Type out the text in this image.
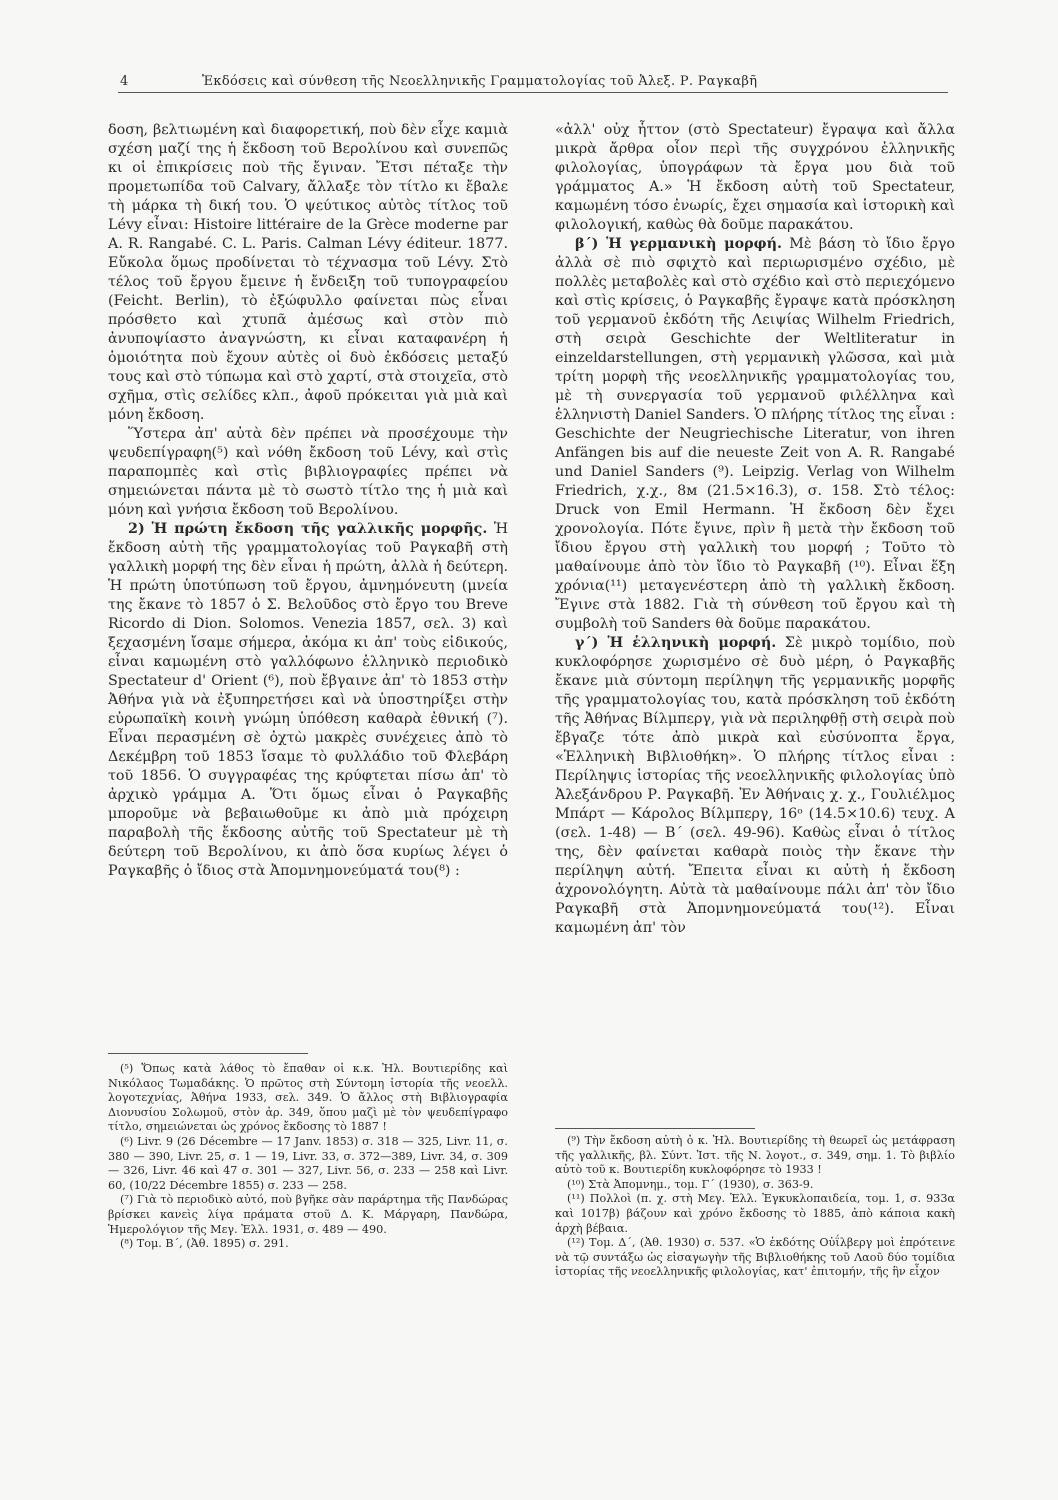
4	Ἐκδόσεις καὶ σύνθεση τῆς Νεοελληνικῆς Γραμματολογίας τοῦ Ἀλεξ. Ρ. Ραγκαβῆ

δοση, βελτιωμένη καὶ διαφορετική, ποὺ δὲν εἶχε καμιὰ σχέση μαζί της ἡ ἔκδοση τοῦ Βερολίνου καὶ συνεπῶς κι οἱ ἐπικρίσεις ποὺ τῆς ἔγιναν. Ἔτσι πέταξε τὴν προμετωπίδα τοῦ Calvary, ἄλλαξε τὸν τίτλο κι ἔβαλε τὴ μάρκα τὴ δική του. Ὁ ψεύτικος αὐτὸς τίτλος τοῦ Lévy εἶναι: Histoire littéraire de la Grèce moderne par A. R. Rangabé. C. L. Paris. Calman Lévy éditeur. 1877. Εὔκολα ὅμως προδίνεται τὸ τέχνασμα τοῦ Lévy. Στὸ τέλος τοῦ ἔργου ἔμεινε ἡ ἔνδειξη τοῦ τυπογραφείου (Feicht. Berlin), τὸ ἐξώφυλλο φαίνεται πὼς εἶναι πρόσθετο καὶ χτυπᾶ ἀμέσως καὶ στὸν πιὸ ἀνυποψίαστο ἀναγνώστη, κι εἶναι καταφανέρη ἡ ὁμοιότητα ποὺ ἔχουν αὐτὲς οἱ δυὸ ἐκδόσεις μεταξύ τους καὶ στὸ τύπωμα καὶ στὸ χαρτί, στὰ στοιχεῖα, στὸ σχῆμα, στὶς σελίδες κλπ., ἀφοῦ πρόκειται γιὰ μιὰ καὶ μόνη ἔκδοση.

Ὕστερα ἀπ' αὐτὰ δὲν πρέπει νὰ προσέχουμε τὴν ψευδεπίγραφη(⁵) καὶ νόθη ἔκδοση τοῦ Lévy, καὶ στὶς παραπομπὲς καὶ στὶς βιβλιογραφίες πρέπει νὰ σημειώνεται πάντα μὲ τὸ σωστὸ τίτλο της ἡ μιὰ καὶ μόνη καὶ γνήσια ἔκδοση τοῦ Βερολίνου.

2) Ἡ πρώτη ἔκδοση τῆς γαλλικῆς μορφῆς. Ἡ ἔκδοση αὐτὴ τῆς γραμματολογίας τοῦ Ραγκαβῆ στὴ γαλλικὴ μορφή της δὲν εἶναι ἡ πρώτη, ἀλλὰ ἡ δεύτερη. Ἡ πρώτη ὑποτύπωση τοῦ ἔργου, ἀμνημόνευτη (μνεία της ἔκανε τὸ 1857 ὁ Σ. Βελοῦδος στὸ ἔργο του Breve Ricordo di Dion. Solomos. Venezia 1857, σελ. 3) καὶ ξεχασμένη ἴσαμε σήμερα, ἀκόμα κι ἀπ' τοὺς εἰδικούς, εἶναι καμωμένη στὸ γαλλόφωνο ἑλληνικὸ περιοδικὸ Spectateur d' Orient (⁶), ποὺ ἔβγαινε ἀπ' τὸ 1853 στὴν Ἀθήνα γιὰ νὰ ἐξυπηρετήσει καὶ νὰ ὑποστηρίξει στὴν εὐρωπαϊκὴ κοινὴ γνώμη ὑπόθεση καθαρὰ ἐθνική (⁷). Εἶναι περασμένη σὲ ὀχτὼ μακρὲς συνέχειες ἀπὸ τὸ Δεκέμβρη τοῦ 1853 ἴσαμε τὸ φυλλάδιο τοῦ Φλεβάρη τοῦ 1856. Ὁ συγγραφέας της κρύφτεται πίσω ἀπ' τὸ ἀρχικὸ γράμμα Α. Ὅτι ὅμως εἶναι ὁ Ραγκαβῆς μποροῦμε νὰ βεβαιωθοῦμε κι ἀπὸ μιὰ πρόχειρη παραβολὴ τῆς ἔκδοσης αὐτῆς τοῦ Spectateur μὲ τὴ δεύτερη τοῦ Βερολίνου, κι ἀπὸ ὅσα κυρίως λέγει ὁ Ραγκαβῆς ὁ ἴδιος στὰ Ἀπομνημονεύματά του(⁸) :

(⁵) Ὅπως κατὰ λάθος τὸ ἔπαθαν οἱ κ.κ. Ἠλ. Βουτιερίδης καὶ Νικόλαος Τωμαδάκης. Ὁ πρῶτος στὴ Σύντομη ἱστορία τῆς νεοελλ. λογοτεχνίας, Ἀθήνα 1933, σελ. 349. Ὁ ἄλλος στὴ Βιβλιογραφία Διονυσίου Σολωμοῦ, στὸν ἀρ. 349, ὅπου μαζὶ μὲ τὸν ψευδεπίγραφο τίτλο, σημειώνεται ὡς χρόνος ἔκδοσης τὸ 1887 !

(⁶) Livr. 9 (26 Décembre — 17 Janv. 1853) σ. 318 — 325, Livr. 11, σ. 380 — 390, Livr. 25, σ. 1 — 19, Livr. 33, σ. 372—389, Livr. 34, σ. 309 — 326, Livr. 46 καὶ 47 σ. 301 — 327, Livr. 56, σ. 233 — 258 καὶ Livr. 60, (10/22 Décembre 1855) σ. 233 — 258.

(⁷) Γιὰ τὸ περιοδικὸ αὐτό, ποὺ βγῆκε σὰν παράρτημα τῆς Πανδώρας βρίσκει κανεὶς λίγα πράματα στοῦ Δ. Κ. Μάργαρη, Πανδώρα, Ἡμερολόγιον τῆς Μεγ. Ἑλλ. 1931, σ. 489 — 490.

(⁸) Τομ. Β΄, (Ἀθ. 1895) σ. 291.

«ἀλλ' οὐχ ἧττον (στὸ Spectateur) ἔγραψα καὶ ἄλλα μικρὰ ἄρθρα οἷον περὶ τῆς συγχρόνου ἑλληνικῆς φιλολογίας, ὑπογράφων τὰ ἔργα μου διὰ τοῦ γράμματος Α.» Ἡ ἔκδοση αὐτὴ τοῦ Spectateur, καμωμένη τόσο ἐνωρίς, ἔχει σημασία καὶ ἱστορικὴ καὶ φιλολογική, καθὼς θὰ δοῦμε παρακάτου.

β΄) Ἡ γερμανικὴ μορφή. Μὲ βάση τὸ ἴδιο ἔργο ἀλλὰ σὲ πιὸ σφιχτὸ καὶ περιωρισμένο σχέδιο, μὲ πολλὲς μεταβολὲς καὶ στὸ σχέδιο καὶ στὸ περιεχόμενο καὶ στὶς κρίσεις, ὁ Ραγκαβῆς ἔγραψε κατὰ πρόσκληση τοῦ γερμανοῦ ἐκδότη τῆς Λειψίας Wilhelm Friedrich, στὴ σειρὰ Geschichte der Weltliteratur in einzeldarstellungen, στὴ γερμανικὴ γλῶσσα, καὶ μιὰ τρίτη μορφὴ τῆς νεοελληνικῆς γραμματολογίας του, μὲ τὴ συνεργασία τοῦ γερμανοῦ φιλέλληνα καὶ ἑλληνιστὴ Daniel Sanders. Ὁ πλήρης τίτλος της εἶναι : Geschichte der Neugriechische Literatur, von ihren Anfängen bis auf die neueste Zeit von A. R. Rangabé und Daniel Sanders (⁹). Leipzig. Verlag von Wilhelm Friedrich, χ.χ., 8ᴍ (21.5×16.3), σ. 158. Στὸ τέλος: Druck von Emil Hermann. Ἡ ἔκδοση δὲν ἔχει χρονολογία. Πότε ἔγινε, πρὶν ἢ μετὰ τὴν ἔκδοση τοῦ ἴδιου ἔργου στὴ γαλλικὴ του μορφή ; Τοῦτο τὸ μαθαίνουμε ἀπὸ τὸν ἴδιο τὸ Ραγκαβῆ (¹⁰). Εἶναι ἕξη χρόνια(¹¹) μεταγενέστερη ἀπὸ τὴ γαλλικὴ ἔκδοση. Ἔγινε στὰ 1882. Γιὰ τὴ σύνθεση τοῦ ἔργου καὶ τὴ συμβολὴ τοῦ Sanders θὰ δοῦμε παρακάτου.

γ΄) Ἡ ἑλληνικὴ μορφή. Σὲ μικρὸ τομίδιο, ποὺ κυκλοφόρησε χωρισμένο σὲ δυὸ μέρη, ὁ Ραγκαβῆς ἔκανε μιὰ σύντομη περίληψη τῆς γερμανικῆς μορφῆς τῆς γραμματολογίας του, κατὰ πρόσκληση τοῦ ἐκδότη τῆς Ἀθήνας Βίλμπεργ, γιὰ νὰ περιληφθῇ στὴ σειρὰ ποὺ ἔβγαζε τότε ἀπὸ μικρὰ καὶ εὐσύνοπτα ἔργα, «Ἑλληνικὴ Βιβλιοθήκη». Ὁ πλήρης τίτλος εἶναι : Περίληψις ἱστορίας τῆς νεοελληνικῆς φιλολογίας ὑπὸ Ἀλεξάνδρου Ρ. Ραγκαβῆ. Ἐν Ἀθήναις χ. χ., Γουλιέλμος Μπάρτ — Κάρολος Βίλμπεργ, 16ᵒ (14.5×10.6) τευχ. Α (σελ. 1-48) — Β΄ (σελ. 49-96). Καθὼς εἶναι ὁ τίτλος της, δὲν φαίνεται καθαρὰ ποιὸς τὴν ἔκανε τὴν περίληψη αὐτή. Ἔπειτα εἶναι κι αὐτὴ ἡ ἔκδοση ἀχρονολόγητη. Αὐτὰ τὰ μαθαίνουμε πάλι ἀπ' τὸν ἴδιο Ραγκαβῆ στὰ Ἀπομνημονεύματά του(¹²). Εἶναι καμωμένη ἀπ' τὸν

(⁹) Τὴν ἔκδοση αὐτὴ ὁ κ. Ἠλ. Βουτιερίδης τὴ θεωρεῖ ὡς μετάφραση τῆς γαλλικῆς, βλ. Σύντ. Ἱστ. τῆς Ν. λογοτ., σ. 349, σημ. 1. Τὸ βιβλίο αὐτὸ τοῦ κ. Βουτιερίδη κυκλοφόρησε τὸ 1933 !

(¹⁰) Στὰ Ἀπομνημ., τομ. Γ΄ (1930), σ. 363-9.

(¹¹) Πολλοὶ (π. χ. στὴ Μεγ. Ἑλλ. Ἐγκυκλοπαιδεία, τομ. 1, σ. 933α καὶ 1017β) βάζουν καὶ χρόνο ἔκδοσης τὸ 1885, ἀπὸ κάποια κακὴ ἀρχὴ βέβαια.

(¹²) Τομ. Δ΄, (Ἀθ. 1930) σ. 537. «Ὁ ἐκδότης Οὐΐλβεργ μοὶ ἐπρότεινε νὰ τῷ συντάξω ὡς εἰσαγωγὴν τῆς Βιβλιοθήκης τοῦ Λαοῦ δύο τομίδια ἱστορίας τῆς νεοελληνικῆς φιλολογίας, κατ' ἐπιτομήν, τῆς ἣν εἶχον
